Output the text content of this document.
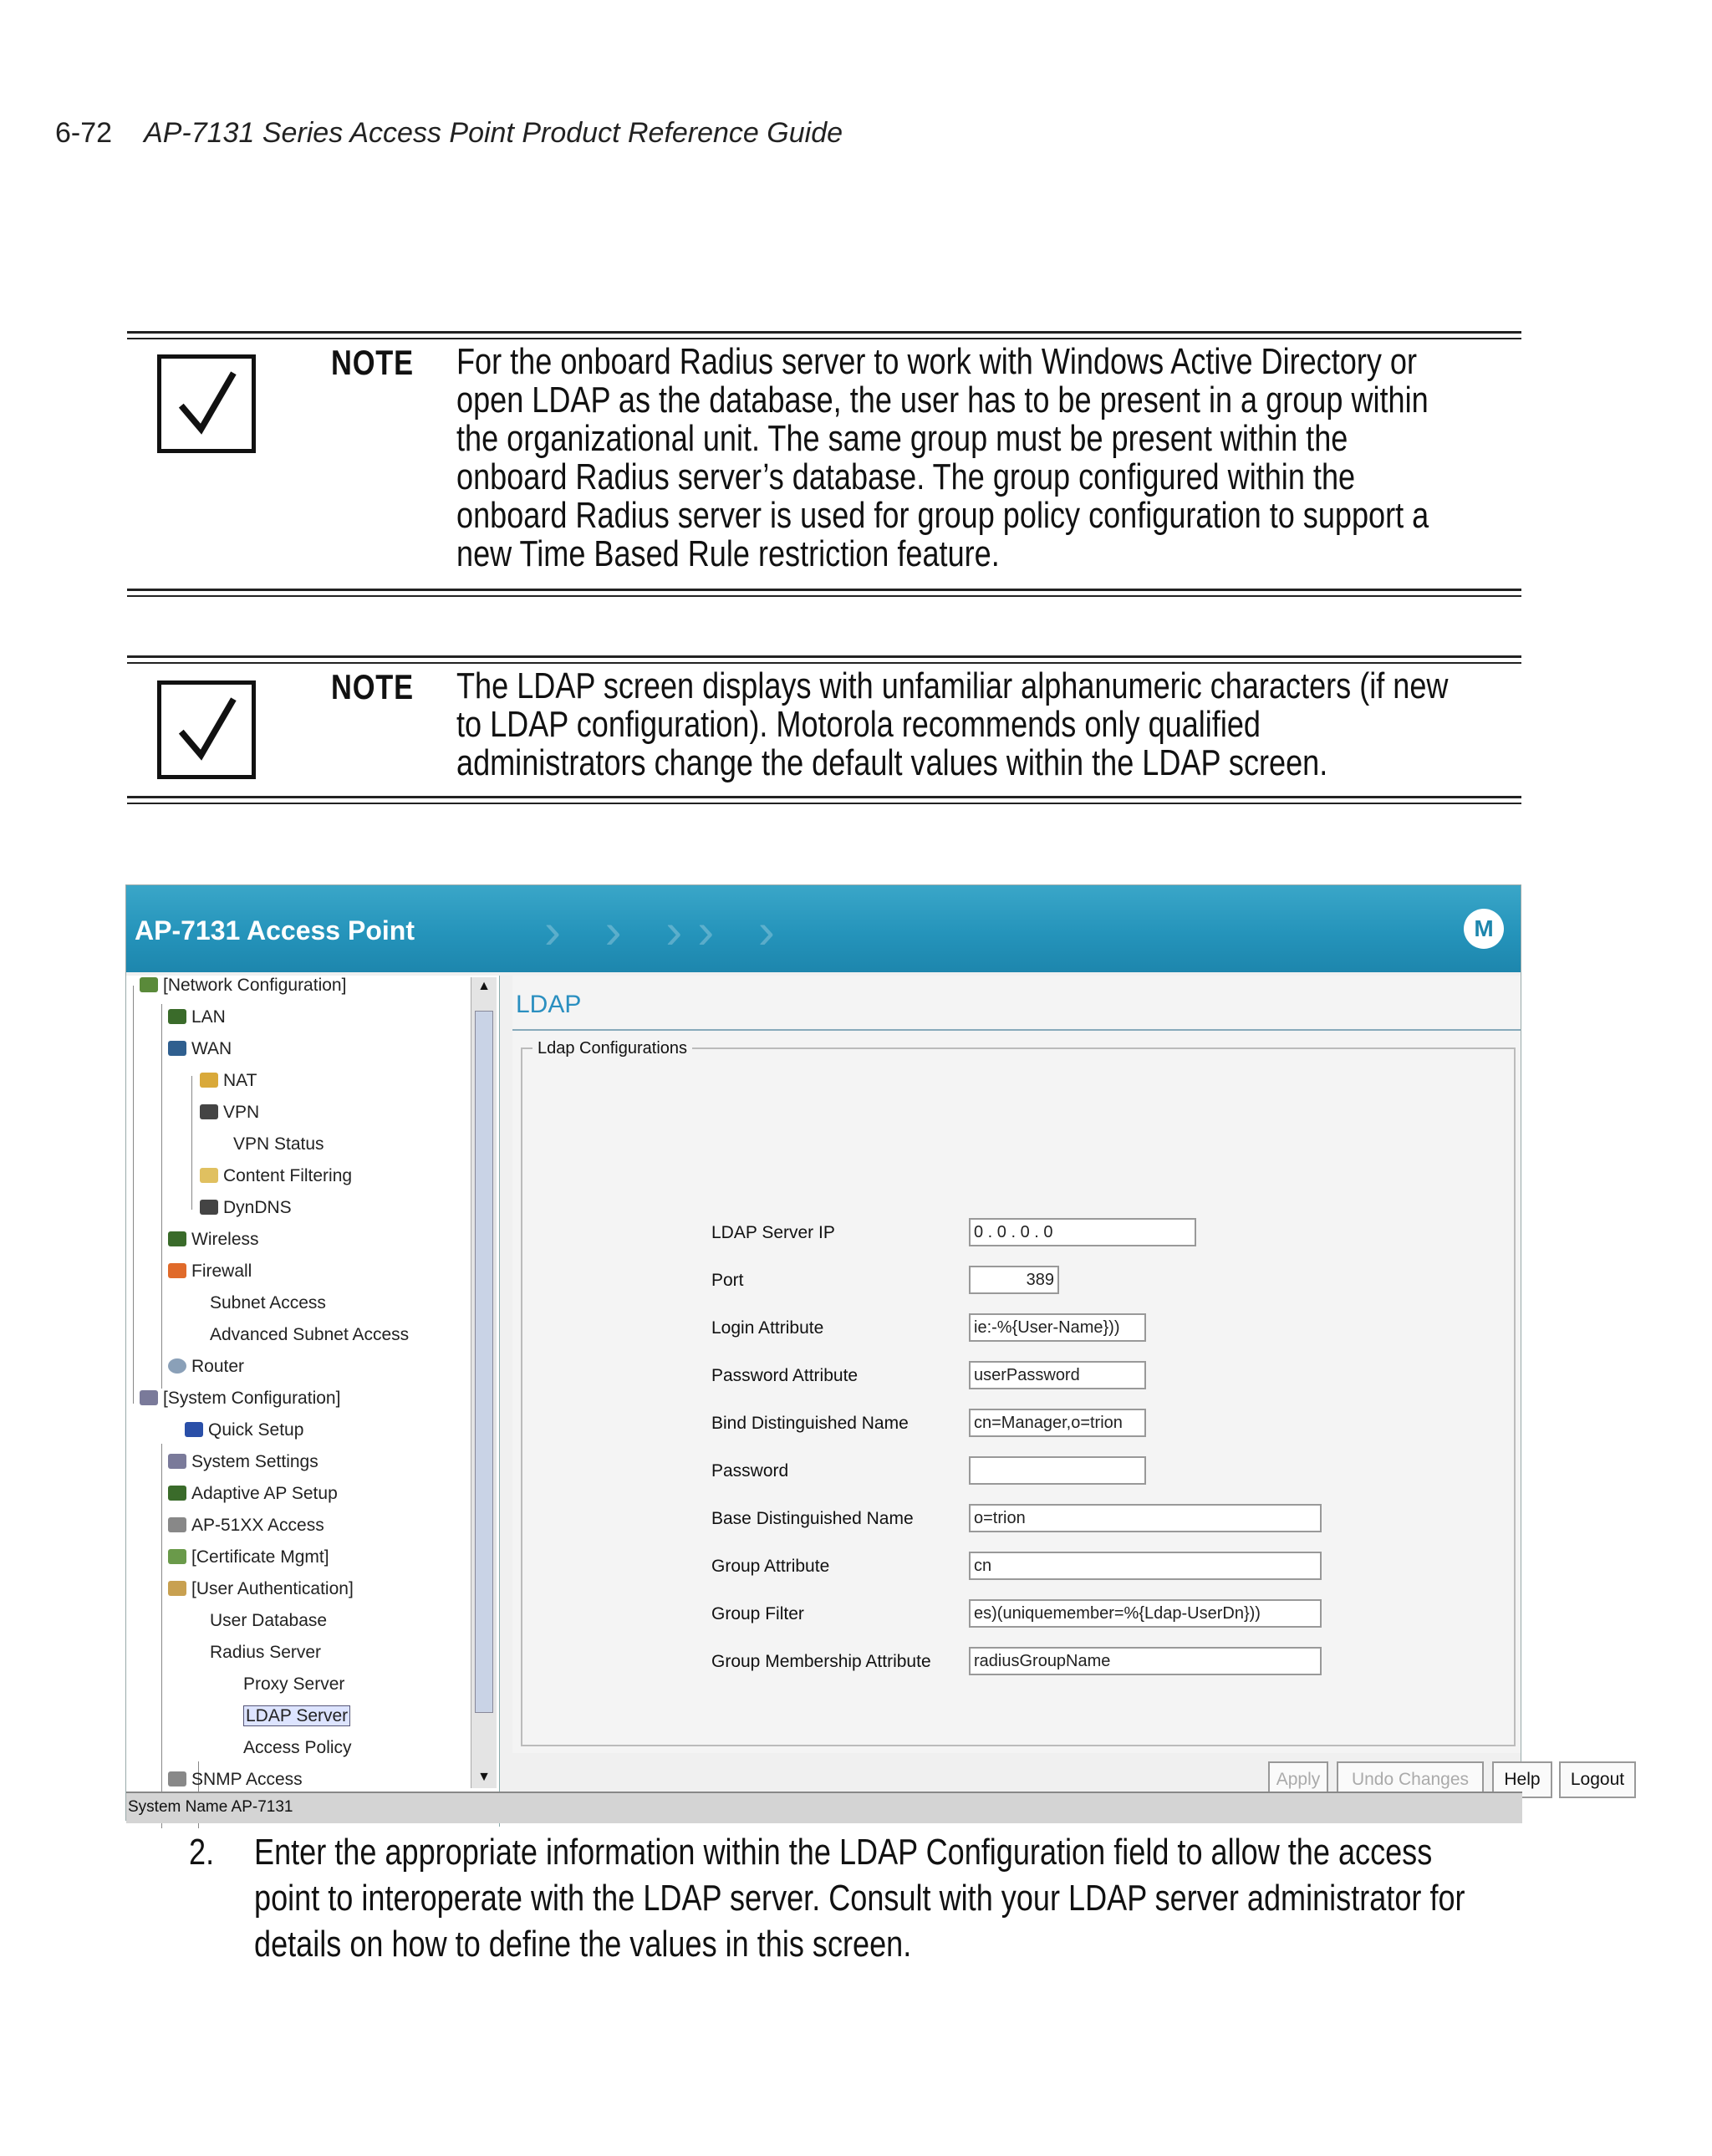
6-72 AP-7131 Series Access Point Product Reference Guide
NOTE For the onboard Radius server to work with Windows Active Directory or
open LDAP as the database, the user has to be present in a group within
the organizational unit. The same group must be present within the
onboard Radius server’s database. The group configured within the
onboard Radius server is used for group policy configuration to support a
new Time Based Rule restriction feature.
NOTE The LDAP screen displays with unfamiliar alphanumeric characters (if new
to LDAP configuration). Motorola recommends only qualified
administrators change the default values within the LDAP screen.
AP-7131 Access Point	› › ›› ›	M
[Network Configuration]
LAN
WAN
NAT
VPN
VPN Status
Content Filtering
DynDNS
Wireless
Firewall
Subnet Access
Advanced Subnet Access
Router
[System Configuration]
Quick Setup
System Settings
Adaptive AP Setup
AP-51XX Access
[Certificate Mgmt]
[User Authentication]
User Database
Radius Server
Proxy Server
LDAP Server
Access Policy
SNMP Access
▲
▼
LDAP
Ldap Configurations
LDAP Server IP	0 . 0 . 0 . 0
Port	389
Login Attribute	ie:-%{User-Name}))
Password Attribute	userPassword
Bind Distinguished Name	cn=Manager,o=trion
Password
Base Distinguished Name	o=trion
Group Attribute	cn
Group Filter	es)(uniquemember=%{Ldap-UserDn}))
Group Membership Attribute	radiusGroupName
Apply	Undo Changes	Help	Logout
System Name AP-7131
2. Enter the appropriate information within the LDAP Configuration field to allow the access
point to interoperate with the LDAP server. Consult with your LDAP server administrator for
details on how to define the values in this screen.
